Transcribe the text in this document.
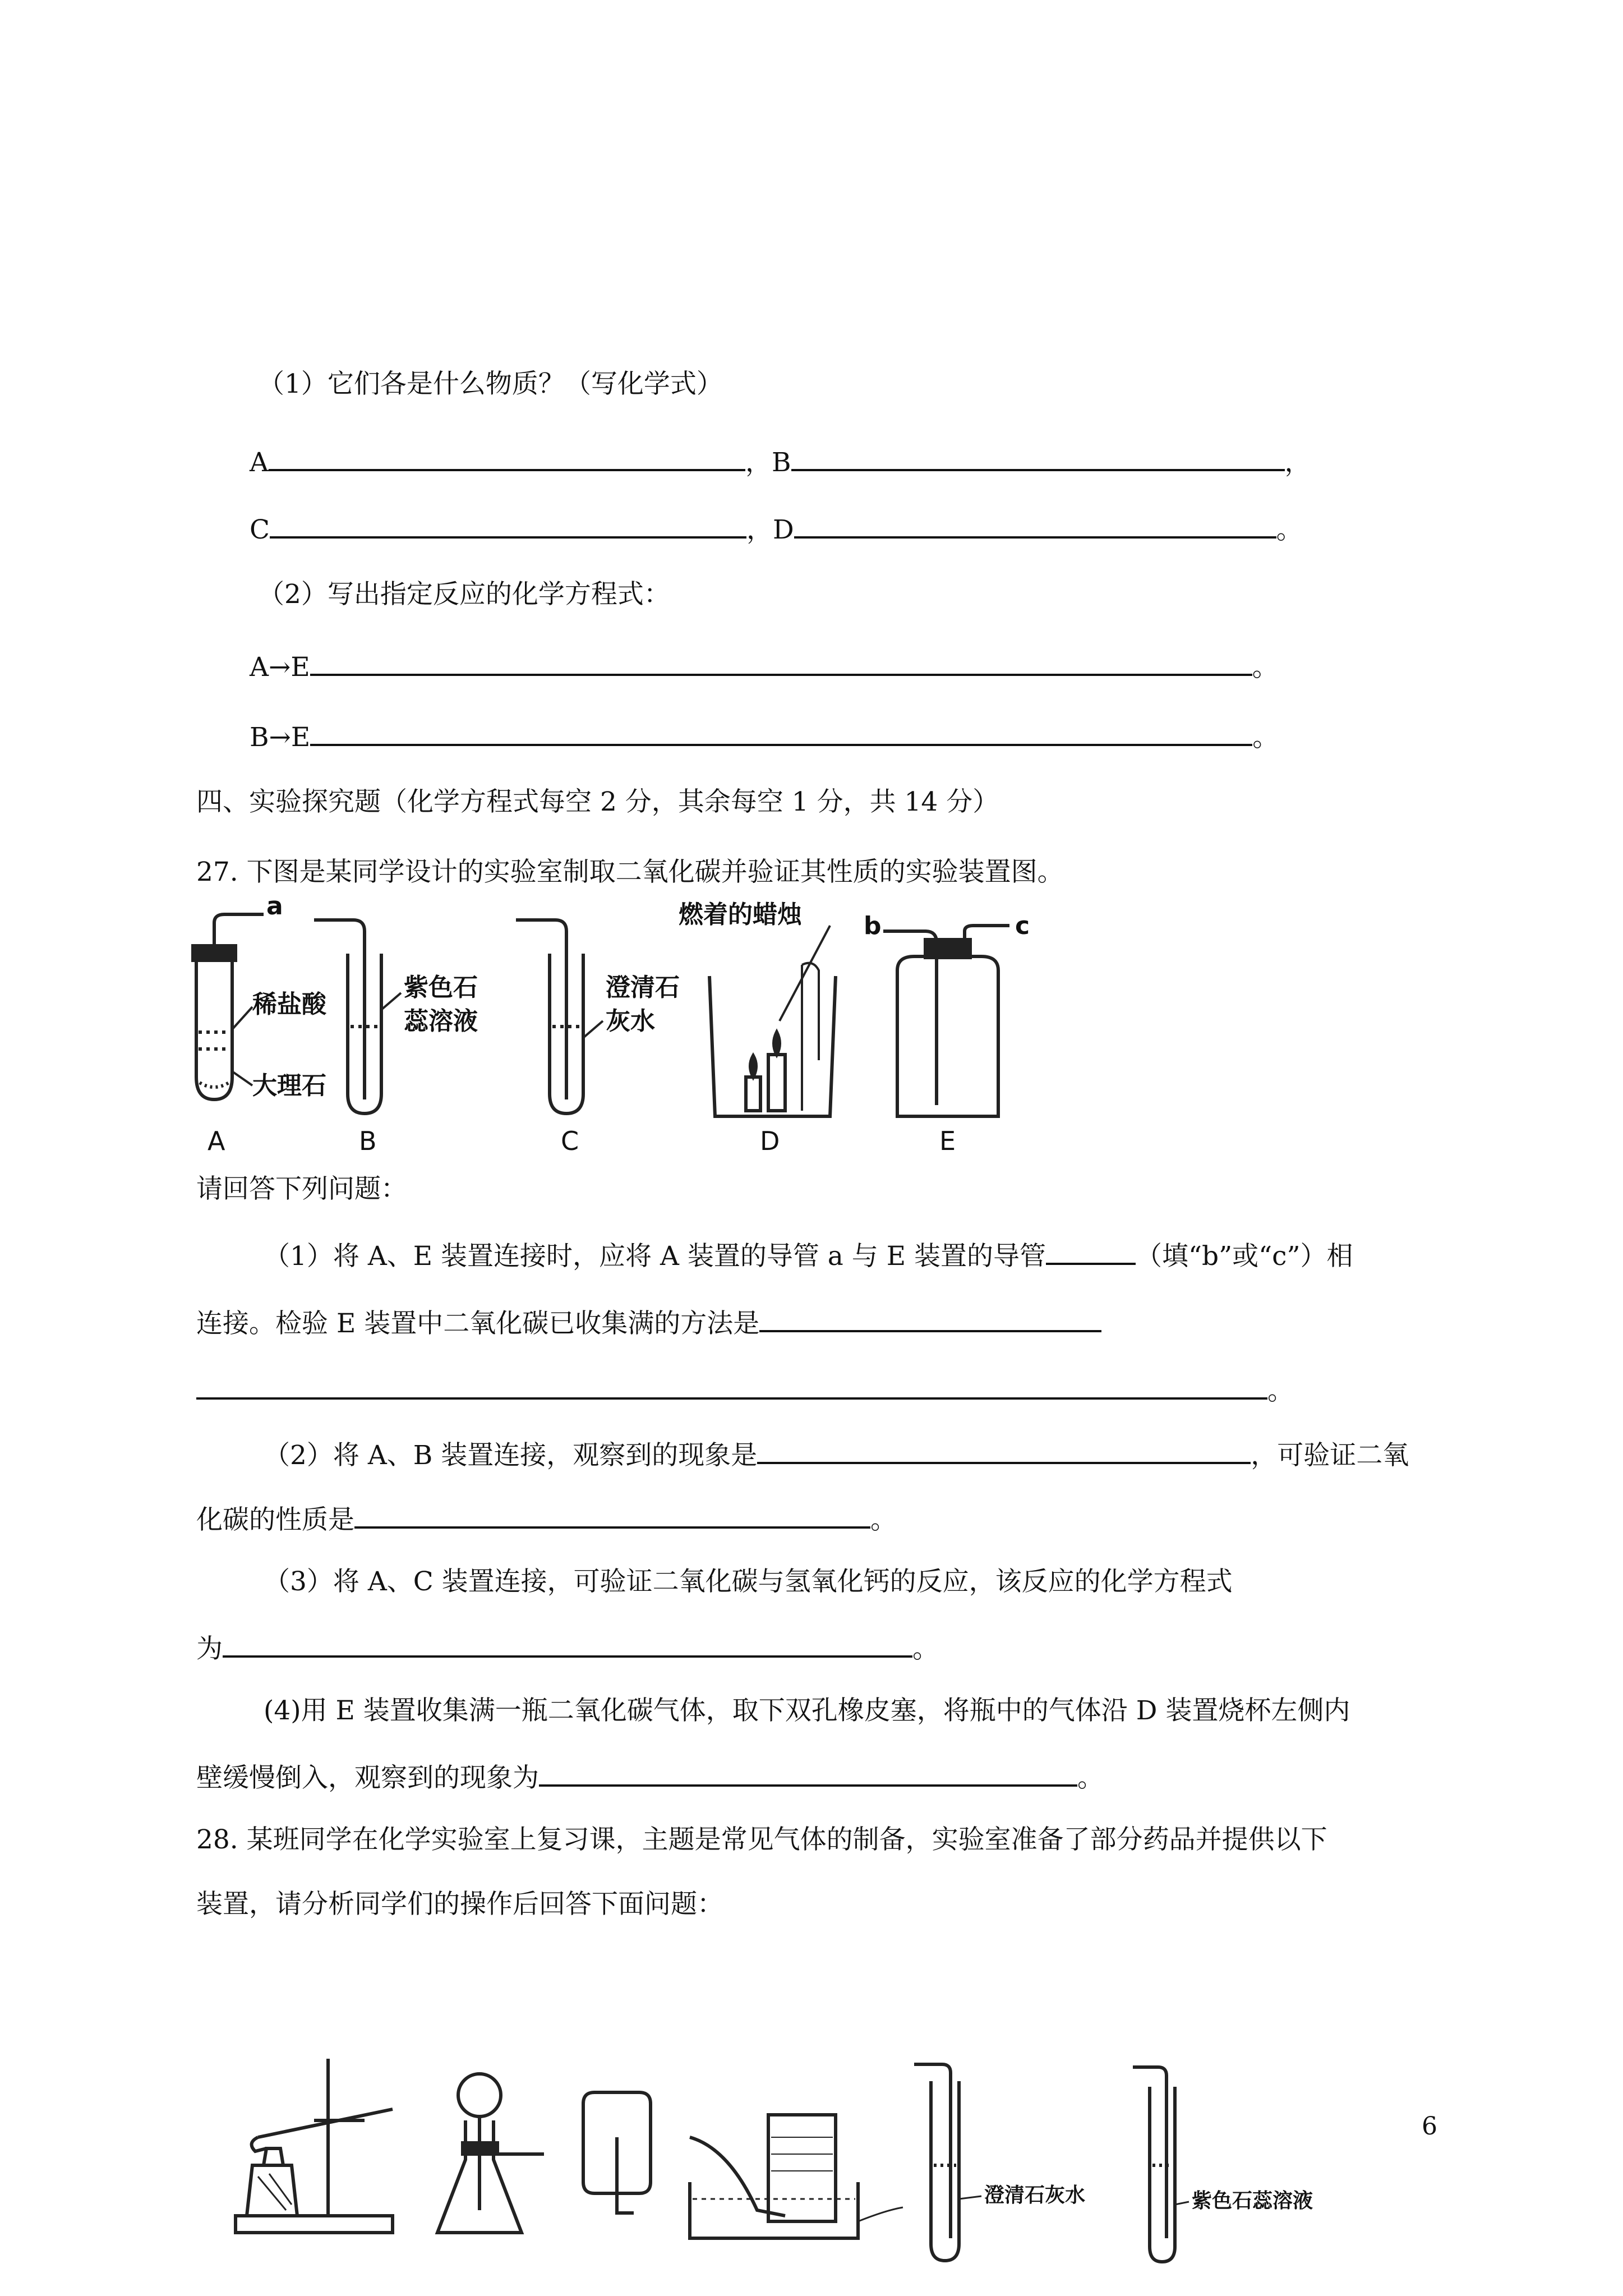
（1）它们各是什么物质？（写化学式）
A	，B	，
C	，D	。
（2）写出指定反应的化学方程式：
A→E	。
B→E	。
四、实验探究题（化学方程式每空 2 分，其余每空 1 分，共 14 分）
27. 下图是某同学设计的实验室制取二氧化碳并验证其性质的实验装置图。
a
稀盐酸
大理石
紫色石
蕊溶液
澄清石
灰水
燃着的蜡烛	b	c
A	B	C	D	E
请回答下列问题：
（1）将 A、E 装置连接时，应将 A 装置的导管 a 与 E 装置的导管	（填“b”或“c”）相
连接。检验 E 装置中二氧化碳已收集满的方法是
。
（2）将 A、B 装置连接，观察到的现象是	，可验证二氧
化碳的性质是	。
（3）将 A、C 装置连接，可验证二氧化碳与氢氧化钙的反应，该反应的化学方程式
为	。
(4)用 E 装置收集满一瓶二氧化碳气体，取下双孔橡皮塞，将瓶中的气体沿 D 装置烧杯左侧内
壁缓慢倒入，观察到的现象为	。
28. 某班同学在化学实验室上复习课，主题是常见气体的制备，实验室准备了部分药品并提供以下
装置，请分析同学们的操作后回答下面问题：
澄清石灰水	紫色石蕊溶液
6
